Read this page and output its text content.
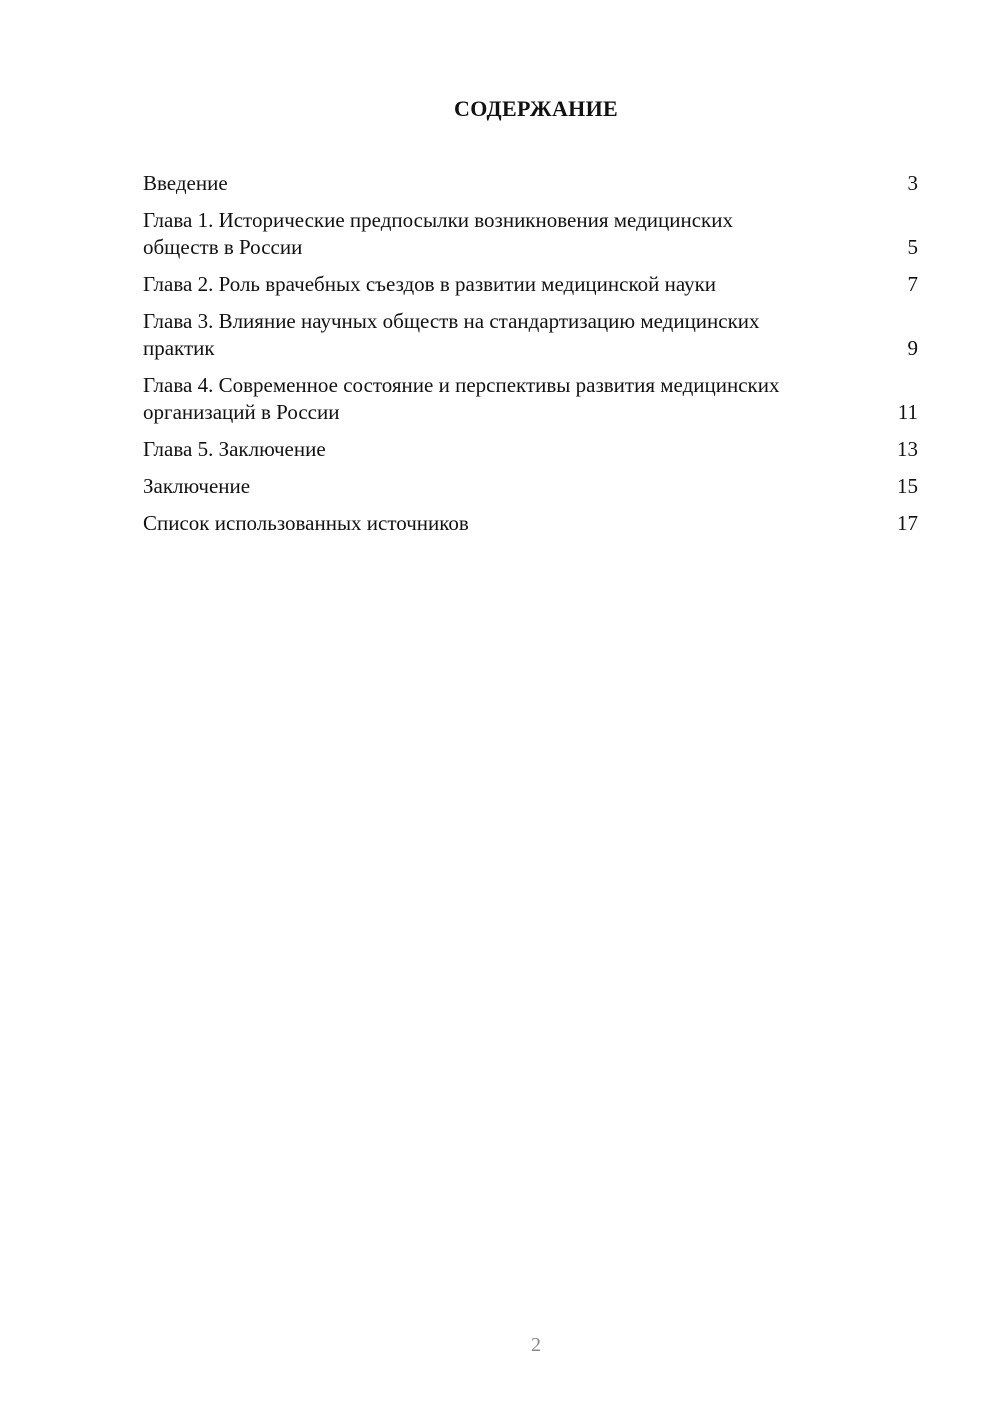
СОДЕРЖАНИЕ
Введение	3
Глава 1. Исторические предпосылки возникновения медицинских обществ в России	5
Глава 2. Роль врачебных съездов в развитии медицинской науки	7
Глава 3. Влияние научных обществ на стандартизацию медицинских практик	9
Глава 4. Современное состояние и перспективы развития медицинских организаций в России	11
Глава 5. Заключение	13
Заключение	15
Список использованных источников	17
2
